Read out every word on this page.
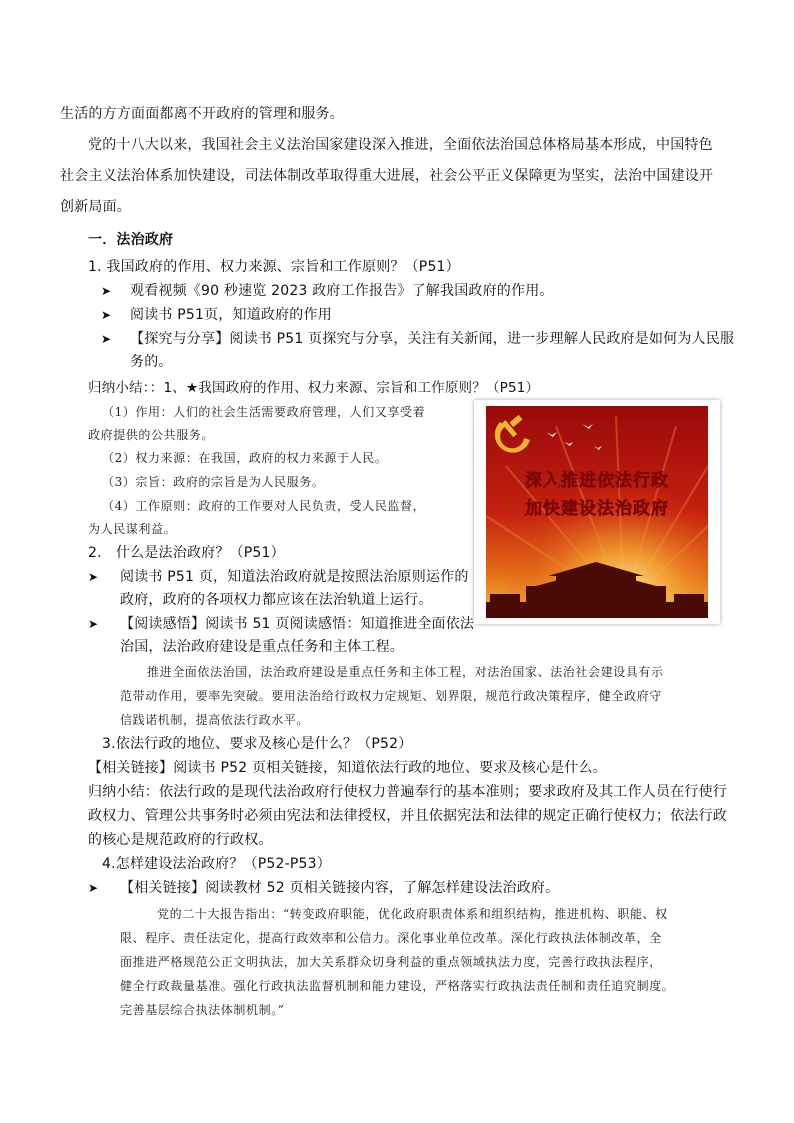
生活的方方面面都离不开政府的管理和服务。
党的十八大以来，我国社会主义法治国家建设深入推进，全面依法治国总体格局基本形成，中国特色
社会主义法治体系加快建设，司法体制改革取得重大进展，社会公平正义保障更为坚实，法治中国建设开
创新局面。
一．法治政府
1. 我国政府的作用、权力来源、宗旨和工作原则？（P51）
➤ 观看视频《90 秒速览 2023 政府工作报告》了解我国政府的作用。
➤ 阅读书 P51页，知道政府的作用
➤ 【探究与分享】阅读书 P51 页探究与分享，关注有关新闻，进一步理解人民政府是如何为人民服
务的。
归纳小结：：1、★我国政府的作用、权力来源、宗旨和工作原则？（P51）
（1）作用：人们的社会生活需要政府管理，人们又享受着
政府提供的公共服务。
（2）权力来源：在我国，政府的权力来源于人民。
（3）宗旨：政府的宗旨是为人民服务。
（4）工作原则：政府的工作要对人民负责，受人民监督，
为人民谋利益。
2.　什么是法治政府？（P51）
➤ 阅读书 P51 页，知道法治政府就是按照法治原则运作的
政府，政府的各项权力都应该在法治轨道上运行。
➤ 【阅读感悟】阅读书 51 页阅读感悟：知道推进全面依法
治国，法治政府建设是重点任务和主体工程。
推进全面依法治国，法治政府建设是重点任务和主体工程，对法治国家、法治社会建设具有示
范带动作用，要率先突破。要用法治给行政权力定规矩、划界限，规范行政决策程序，健全政府守
信践诺机制，提高依法行政水平。
3.依法行政的地位、要求及核心是什么？（P52）
【相关链接】阅读书 P52 页相关链接，知道依法行政的地位、要求及核心是什么。
归纳小结：依法行政的是现代法治政府行使权力普遍奉行的基本准则；要求政府及其工作人员在行使行
政权力、管理公共事务时必须由宪法和法律授权，并且依据宪法和法律的规定正确行使权力；依法行政
的核心是规范政府的行政权。
4.怎样建设法治政府？（P52-P53）
➤ 【相关链接】阅读教材 52 页相关链接内容，了解怎样建设法治政府。
党的二十大报告指出：“转变政府职能，优化政府职责体系和组织结构，推进机构、职能、权
限、程序、责任法定化，提高行政效率和公信力。深化事业单位改革。深化行政执法体制改革，全
面推进严格规范公正文明执法，加大关系群众切身利益的重点领域执法力度，完善行政执法程序，
健全行政裁量基准。强化行政执法监督机制和能力建设，严格落实行政执法责任制和责任追究制度。
完善基层综合执法体制机制。”
深入推进依法行政
加快建设法治政府
